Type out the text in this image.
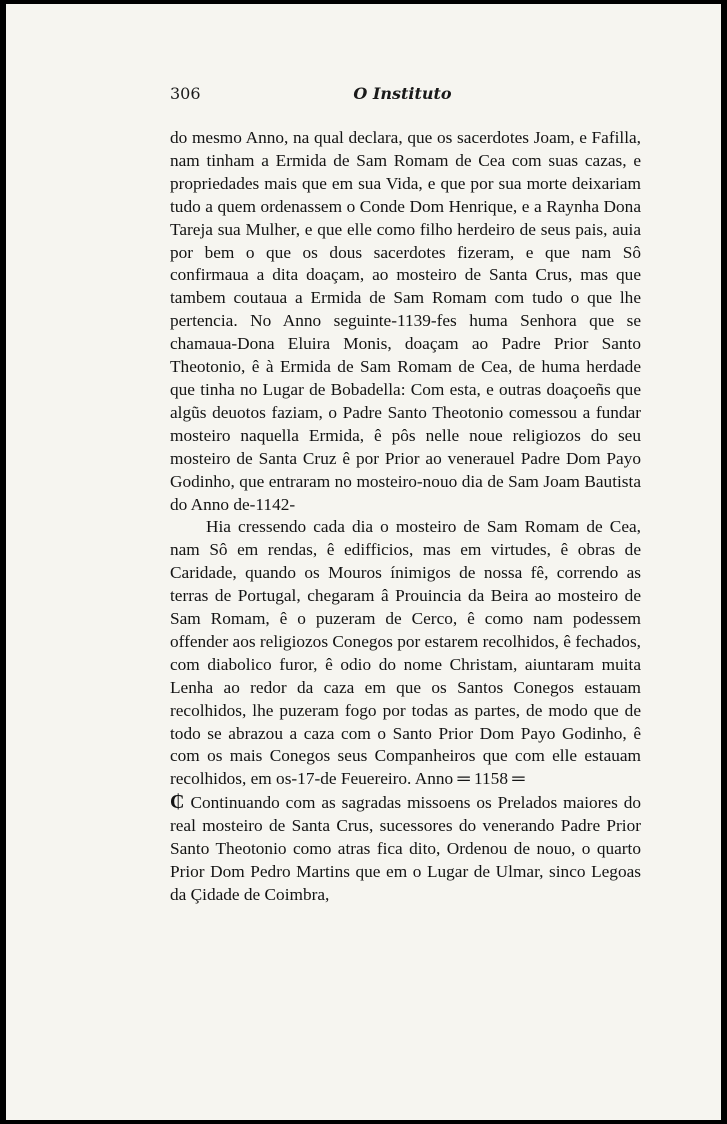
306	O Instituto

do mesmo Anno, na qual declara, que os sacerdotes Joam, e Fafilla, nam tinham a Ermida de Sam Romam de Cea com suas cazas, e propriedades mais que em sua Vida, e que por sua morte deixariam tudo a quem ordenassem o Conde Dom Henrique, e a Raynha Dona Tareja sua Mulher, e que elle como filho herdeiro de seus pais, auia por bem o que os dous sacerdotes fizeram, e que nam Sô confirmaua a dita doaçam, ao mosteiro de Santa Crus, mas que tambem coutaua a Ermida de Sam Romam com tudo o que lhe pertencia. No Anno seguinte-1139-fes huma Senhora que se chamaua-Dona Eluira Monis, doaçam ao Padre Prior Santo Theotonio, ê à Ermida de Sam Romam de Cea, de huma herdade que tinha no Lugar de Bobadella: Com esta, e outras doaçoeñs que algũs deuotos faziam, o Padre Santo Theotonio comessou a fundar mosteiro naquella Ermida, ê pôs nelle noue religiozos do seu mosteiro de Santa Cruz ê por Prior ao venerauel Padre Dom Payo Godinho, que entraram no mosteiro-nouo dia de Sam Joam Bautista do Anno de-1142-

Hia cressendo cada dia o mosteiro de Sam Romam de Cea, nam Sô em rendas, ê edifficios, mas em virtudes, ê obras de Caridade, quando os Mouros ínimigos de nossa fê, correndo as terras de Portugal, chegaram â Prouincia da Beira ao mosteiro de Sam Romam, ê o puzeram de Cerco, ê como nam podessem offender aos religiozos Conegos por estarem recolhidos, ê fechados, com diabolico furor, ê odio do nome Christam, aiuntaram muita Lenha ao redor da caza em que os Santos Conegos estauam recolhidos, lhe puzeram fogo por todas as partes, de modo que de todo se abrazou a caza com o Santo Prior Dom Payo Godinho, ê com os mais Conegos seus Companheiros que com elle estauam recolhidos, em os-17-de Feuereiro. Anno ═ 1158 ═

₵ Continuando com as sagradas missoens os Prelados maiores do real mosteiro de Santa Crus, sucessores do venerando Padre Prior Santo Theotonio como atras fica dito, Ordenou de nouo, o quarto Prior Dom Pedro Martins que em o Lugar de Ulmar, sinco Legoas da Çidade de Coimbra,
